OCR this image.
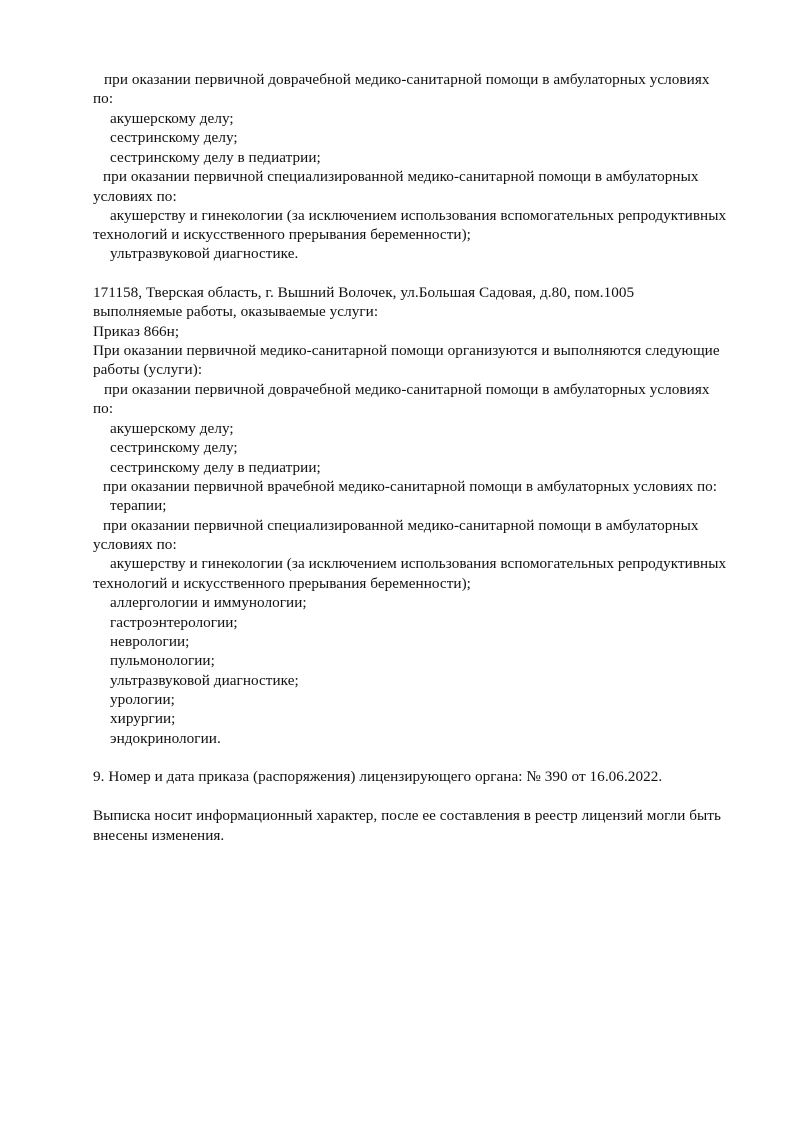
при оказании первичной доврачебной медико-санитарной помощи в амбулаторных условиях
по:
акушерскому делу;
сестринскому делу;
сестринскому делу в педиатрии;
при оказании первичной специализированной медико-санитарной помощи в амбулаторных
условиях по:
акушерству и гинекологии (за исключением использования вспомогательных репродуктивных
технологий и искусственного прерывания беременности);
ультразвуковой диагностике.
171158, Тверская область, г. Вышний Волочек, ул.Большая Садовая, д.80, пом.1005
выполняемые работы, оказываемые услуги:
Приказ 866н;
При оказании первичной медико-санитарной помощи организуются и выполняются следующие
работы (услуги):
при оказании первичной доврачебной медико-санитарной помощи в амбулаторных условиях
по:
акушерскому делу;
сестринскому делу;
сестринскому делу в педиатрии;
при оказании первичной врачебной медико-санитарной помощи в амбулаторных условиях по:
терапии;
при оказании первичной специализированной медико-санитарной помощи в амбулаторных
условиях по:
акушерству и гинекологии (за исключением использования вспомогательных репродуктивных
технологий и искусственного прерывания беременности);
аллергологии и иммунологии;
гастроэнтерологии;
неврологии;
пульмонологии;
ультразвуковой диагностике;
урологии;
хирургии;
эндокринологии.
9. Номер и дата приказа (распоряжения) лицензирующего органа: № 390 от 16.06.2022.
Выписка носит информационный характер, после ее составления в реестр лицензий могли быть
внесены изменения.
